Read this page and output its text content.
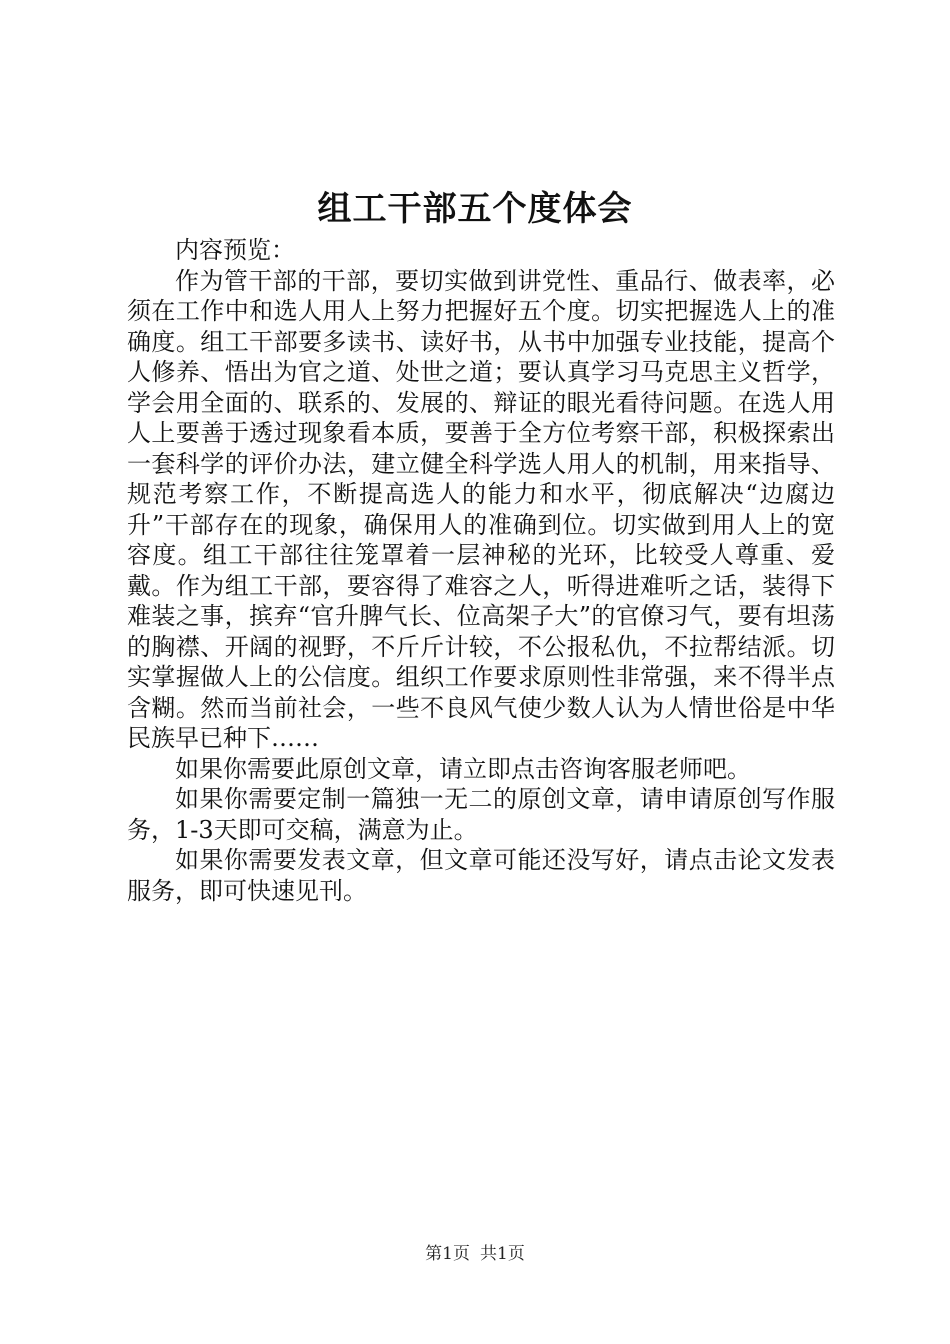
组工干部五个度体会

内容预览：

作为管干部的干部，要切实做到讲党性、重品行、做表率，必须在工作中和选人用人上努力把握好五个度。切实把握选人上的准确度。组工干部要多读书、读好书，从书中加强专业技能，提高个人修养、悟出为官之道、处世之道；要认真学习马克思主义哲学，学会用全面的、联系的、发展的、辩证的眼光看待问题。在选人用人上要善于透过现象看本质，要善于全方位考察干部，积极探索出一套科学的评价办法，建立健全科学选人用人的机制，用来指导、规范考察工作，不断提高选人的能力和水平，彻底解决“边腐边升”干部存在的现象，确保用人的准确到位。切实做到用人上的宽容度。组工干部往往笼罩着一层神秘的光环，比较受人尊重、爱戴。作为组工干部，要容得了难容之人，听得进难听之话，装得下难装之事，摈弃“官升脾气长、位高架子大”的官僚习气，要有坦荡的胸襟、开阔的视野，不斤斤计较，不公报私仇，不拉帮结派。切实掌握做人上的公信度。组织工作要求原则性非常强，来不得半点含糊。然而当前社会，一些不良风气使少数人认为人情世俗是中华民族早已种下……

如果你需要此原创文章，请立即点击咨询客服老师吧。

如果你需要定制一篇独一无二的原创文章，请申请原创写作服务，1-3天即可交稿，满意为止。

如果你需要发表文章，但文章可能还没写好，请点击论文发表服务，即可快速见刊。

第1页 共1页
